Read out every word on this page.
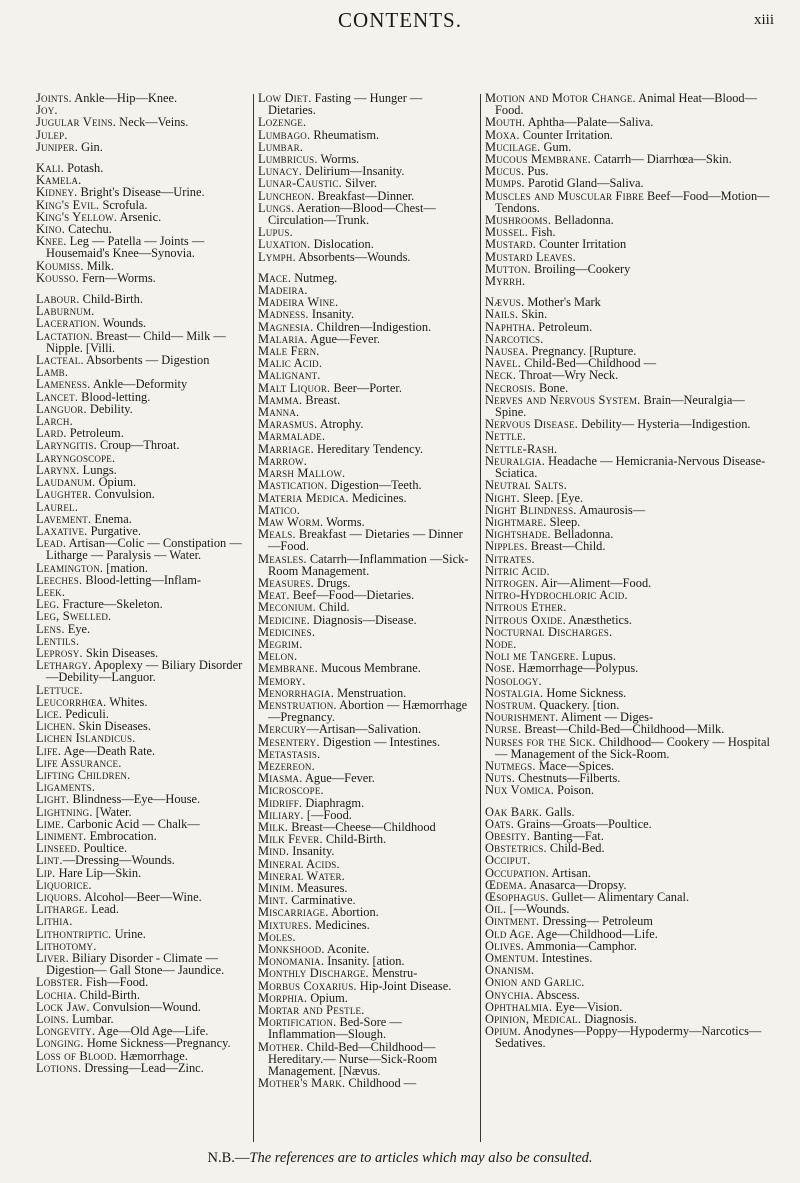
CONTENTS.	xiii
Joints. Ankle—Hip—Knee.
Joy.
Jugular Veins. Neck—Veins.
Julep.
Juniper. Gin.
Kali. Potash.
Kamela.
Kidney. Bright's Disease—Urine.
King's Evil. Scrofula.
King's Yellow. Arsenic.
Kino. Catechu.
Knee. Leg — Patella — Joints — Housemaid's Knee—Synovia.
Koumiss. Milk.
Kousso. Fern—Worms.
Labour. Child-Birth.
Laburnum.
Laceration. Wounds.
Lactation. Breast— Child— Milk —Nipple. [Villi.
Lacteal. Absorbents — Digestion
Lamb.
Lameness. Ankle—Deformity
Lancet. Blood-letting.
Languor. Debility.
Larch.
Lard. Petroleum.
Laryngitis. Croup—Throat.
Laryngoscope.
Larynx. Lungs.
Laudanum. Opium.
Laughter. Convulsion.
Laurel.
Lavement. Enema.
Laxative. Purgative.
Lead. Artisan—Colic — Constipation — Litharge — Paralysis — Water.
Leamington. [mation.
Leeches. Blood-letting—Inflam-
Leek.
Leg. Fracture—Skeleton.
Leg, Swelled.
Lens. Eye.
Lentils.
Leprosy. Skin Diseases.
Lethargy. Apoplexy — Biliary Disorder—Debility—Languor.
Lettuce.
Leucorrhœa. Whites.
Lice. Pediculi.
Lichen. Skin Diseases.
Lichen Islandicus.
Life. Age—Death Rate.
Life Assurance.
Lifting Children.
Ligaments.
Light. Blindness—Eye—House.
Lightning. [Water.
Lime. Carbonic Acid — Chalk—
Liniment. Embrocation.
Linseed. Poultice.
Lint.—Dressing—Wounds.
Lip. Hare Lip—Skin.
Liquorice.
Liquors. Alcohol—Beer—Wine.
Litharge. Lead.
Lithia.
Lithontriptic. Urine.
Lithotomy.
Liver. Biliary Disorder - Climate —Digestion— Gall Stone— Jaundice.
Lobster. Fish—Food.
Lochia. Child-Birth.
Lock Jaw. Convulsion—Wound.
Loins. Lumbar.
Longevity. Age—Old Age—Life.
Longing. Home Sickness—Pregnancy.
Loss of Blood. Hæmorrhage.
Lotions. Dressing—Lead—Zinc.
Low Diet. Fasting — Hunger — Dietaries.
Lozenge.
Lumbago. Rheumatism.
Lumbar.
Lumbricus. Worms.
Lunacy. Delirium—Insanity.
Lunar-Caustic. Silver.
Luncheon. Breakfast—Dinner.
Lungs. Aeration—Blood—Chest— Circulation—Trunk.
Lupus.
Luxation. Dislocation.
Lymph. Absorbents—Wounds.
Mace. Nutmeg.
Madeira.
Madeira Wine.
Madness. Insanity.
Magnesia. Children—Indigestion.
Malaria. Ague—Fever.
Male Fern.
Malic Acid.
Malignant.
Malt Liquor. Beer—Porter.
Mamma. Breast.
Manna.
Marasmus. Atrophy.
Marmalade.
Marriage. Hereditary Tendency.
Marrow.
Marsh Mallow.
Mastication. Digestion—Teeth.
Materia Medica. Medicines.
Matico.
Maw Worm. Worms.
Meals. Breakfast — Dietaries — Dinner—Food.
Measles. Catarrh—Inflammation —Sick-Room Management.
Measures. Drugs.
Meat. Beef—Food—Dietaries.
Meconium. Child.
Medicine. Diagnosis—Disease.
Medicines.
Megrim.
Melon.
Membrane. Mucous Membrane.
Memory.
Menorrhagia. Menstruation.
Menstruation. Abortion — Hæmorrhage—Pregnancy.
Mercury—Artisan—Salivation.
Mesentery. Digestion — Intestines.
Metastasis.
Mezereon.
Miasma. Ague—Fever.
Microscope.
Midriff. Diaphragm.
Miliary. [—Food.
Milk. Breast—Cheese—Childhood
Milk Fever. Child-Birth.
Mind. Insanity.
Mineral Acids.
Mineral Water.
Minim. Measures.
Mint. Carminative.
Miscarriage. Abortion.
Mixtures. Medicines.
Moles.
Monkshood. Aconite.
Monomania. Insanity. [ation.
Monthly Discharge. Menstru-
Morbus Coxarius. Hip-Joint Disease.
Morphia. Opium.
Mortar and Pestle.
Mortification. Bed-Sore — Inflammation—Slough.
Mother. Child-Bed—Childhood— Hereditary.— Nurse—Sick-Room Management. [Nævus.
Mother's Mark. Childhood —
Motion and Motor Change. Animal Heat—Blood—Food.
Mouth. Aphtha—Palate—Saliva.
Moxa. Counter Irritation.
Mucilage. Gum.
Mucous Membrane. Catarrh— Diarrhœa—Skin.
Mucus. Pus.
Mumps. Parotid Gland—Saliva.
Muscles and Muscular Fibre Beef—Food—Motion—Tendons.
Mushrooms. Belladonna.
Mussel. Fish.
Mustard. Counter Irritation
Mustard Leaves.
Mutton. Broiling—Cookery
Myrrh.
Nævus. Mother's Mark
Nails. Skin.
Naphtha. Petroleum.
Narcotics.
Nausea. Pregnancy. [Rupture.
Navel. Child-Bed—Childhood —
Neck. Throat—Wry Neck.
Necrosis. Bone.
Nerves and Nervous System. Brain—Neuralgia—Spine.
Nervous Disease. Debility— Hysteria—Indigestion.
Nettle.
Nettle-Rash.
Neuralgia. Headache — Hemicrania-Nervous Disease-Sciatica.
Neutral Salts.
Night. Sleep. [Eye.
Night Blindness. Amaurosis—
Nightmare. Sleep.
Nightshade. Belladonna.
Nipples. Breast—Child.
Nitrates.
Nitric Acid.
Nitrogen. Air—Aliment—Food.
Nitro-Hydrochloric Acid.
Nitrous Ether.
Nitrous Oxide. Anæsthetics.
Nocturnal Discharges.
Node.
Noli me Tangere. Lupus.
Nose. Hæmorrhage—Polypus.
Nosology.
Nostalgia. Home Sickness.
Nostrum. Quackery. [tion.
Nourishment. Aliment — Diges-
Nurse. Breast—Child-Bed—Childhood—Milk.
Nurses for the Sick. Childhood— Cookery — Hospital — Management of the Sick-Room.
Nutmegs. Mace—Spices.
Nuts. Chestnuts—Filberts.
Nux Vomica. Poison.
Oak Bark. Galls.
Oats. Grains—Groats—Poultice.
Obesity. Banting—Fat.
Obstetrics. Child-Bed.
Occiput.
Occupation. Artisan.
Œdema. Anasarca—Dropsy.
Œsophagus. Gullet— Alimentary Canal.
Oil. [—Wounds.
Ointment. Dressing— Petroleum
Old Age. Age—Childhood—Life.
Olives. Ammonia—Camphor.
Omentum. Intestines.
Onanism.
Onion and Garlic.
Onychia. Abscess.
Ophthalmia. Eye—Vision.
Opinion, Medical. Diagnosis.
Opium. Anodynes—Poppy—Hypodermy—Narcotics—Sedatives.
N.B.—The references are to articles which may also be consulted.
